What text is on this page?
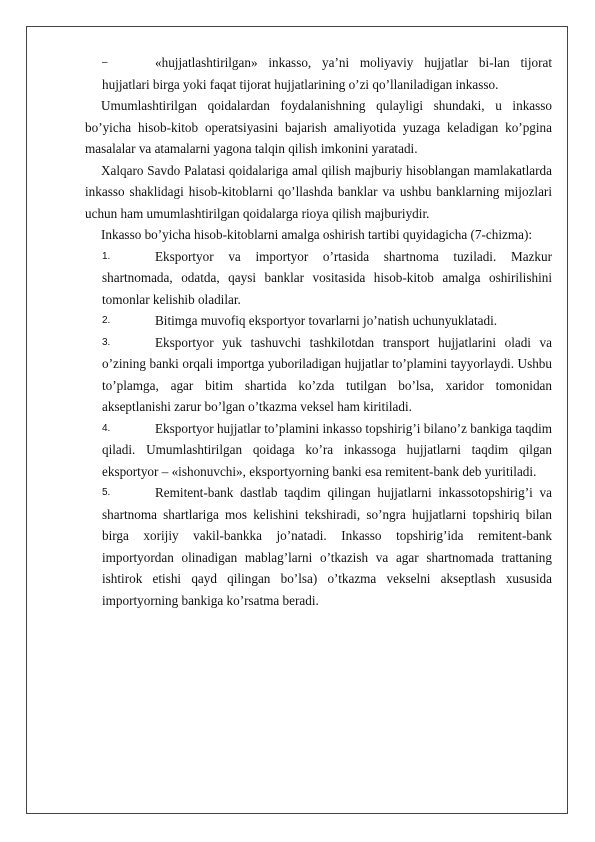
–	«hujjatlashtirilgan» inkasso, ya’ni moliyaviy hujjatlar bi-lan tijorat hujjatlari birga yoki faqat tijorat hujjatlarining o’zi qo’llaniladigan inkasso.

Umumlashtirilgan qoidalardan foydalanishning qulayligi shundaki, u inkasso bo’yicha hisob-kitob operatsiyasini bajarish amaliyotida yuzaga keladigan ko’pgina masalalar va atamalarni yagona talqin qilish imkonini yaratadi.

Xalqaro Savdo Palatasi qoidalariga amal qilish majburiy hisoblangan mamlakatlarda inkasso shaklidagi hisob-kitoblarni qo’llashda banklar va ushbu banklarning mijozlari uchun ham umumlashtirilgan qoidalarga rioya qilish majburiydir.

Inkasso bo’yicha hisob-kitoblarni amalga oshirish tartibi quyidagicha (7-chizma):

1.	Eksportyor va importyor o’rtasida shartnoma tuziladi. Mazkur shartnomada, odatda, qaysi banklar vositasida hisob-kitob amalga oshirilishini tomonlar kelishib oladilar.
2.	Bitimga muvofiq eksportyor tovarlarni jo’natish uchunyuklatadi.
3.	Eksportyor yuk tashuvchi tashkilotdan transport hujjatlarini oladi va o’zining banki orqali importga yuboriladigan hujjatlar to’plamini tayyorlaydi. Ushbu to’plamga, agar bitim shartida ko’zda tutilgan bo’lsa, xaridor tomonidan akseptlanishi zarur bo’lgan o’tkazma veksel ham kiritiladi.
4.	Eksportyor hujjatlar to’plamini inkasso topshirig’i bilano’z bankiga taqdim qiladi. Umumlashtirilgan qoidaga ko’ra inkassoga hujjatlarni taqdim qilgan eksportyor – «ishonuvchi», eksportyorning banki esa remitent-bank deb yuritiladi.
5.	Remitent-bank dastlab taqdim qilingan hujjatlarni inkassotopshirig’i va shartnoma shartlariga mos kelishini tekshiradi, so’ngra hujjatlarni topshiriq bilan birga xorijiy vakil-bankka jo’natadi. Inkasso topshirig’ida remitent-bank importyordan olinadigan mablag’larni o’tkazish va agar shartnomada trattaning ishtirok etishi qayd qilingan bo’lsa) o’tkazma vekselni akseptlash xususida importyorning bankiga ko’rsatma beradi.
